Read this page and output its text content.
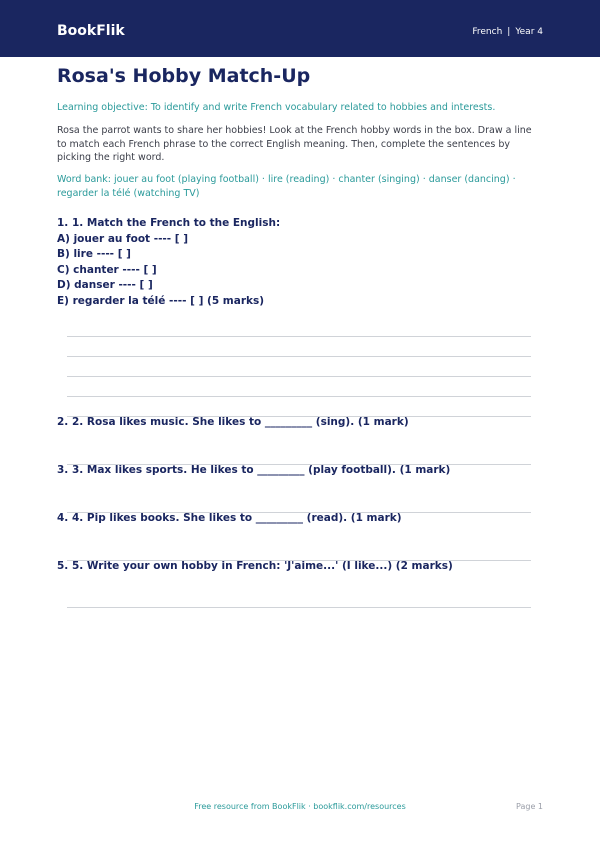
BookFlik	French | Year 4
Rosa's Hobby Match-Up
Learning objective: To identify and write French vocabulary related to hobbies and interests.
Rosa the parrot wants to share her hobbies! Look at the French hobby words in the box. Draw a line to match each French phrase to the correct English meaning. Then, complete the sentences by picking the right word.
Word bank: jouer au foot (playing football) · lire (reading) · chanter (singing) · danser (dancing) · regarder la télé (watching TV)
1. 1. Match the French to the English:
A) jouer au foot ---- [ ]
B) lire ---- [ ]
C) chanter ---- [ ]
D) danser ---- [ ]
E) regarder la télé ---- [ ] (5 marks)
2. 2. Rosa likes music. She likes to _________ (sing). (1 mark)
3. 3. Max likes sports. He likes to _________ (play football). (1 mark)
4. 4. Pip likes books. She likes to _________ (read). (1 mark)
5. 5. Write your own hobby in French: 'J'aime...' (I like...) (2 marks)
Free resource from BookFlik · bookflik.com/resources	Page 1
